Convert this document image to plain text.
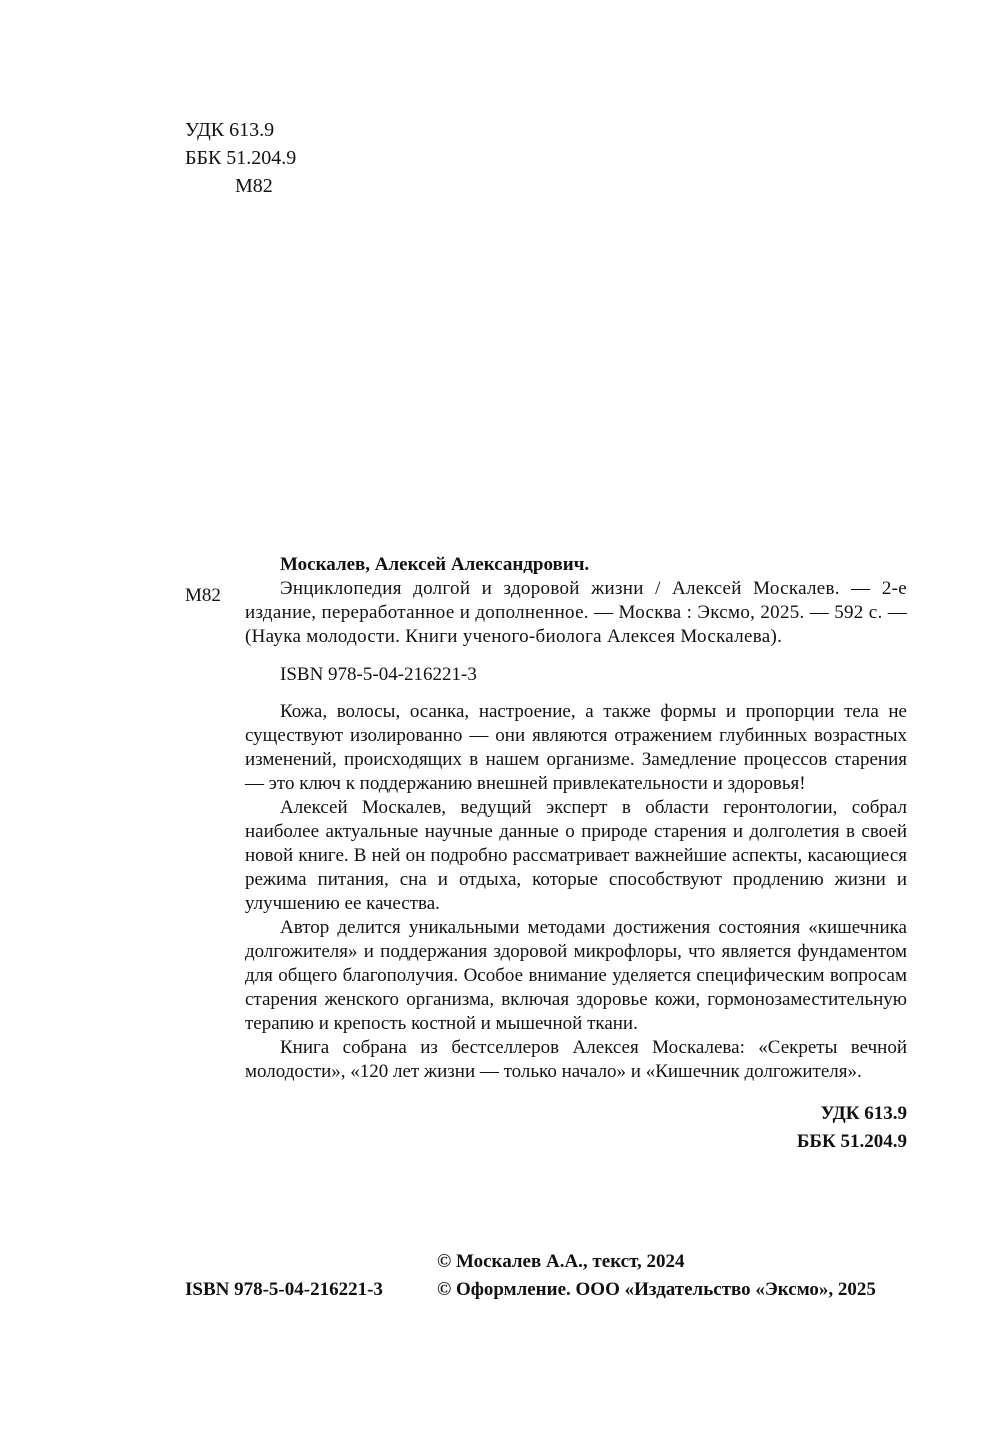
УДК 613.9
ББК 51.204.9
М82
М82

Москалев, Алексей Александрович.

Энциклопедия долгой и здоровой жизни / Алексей Москалев. — 2-е издание, переработанное и дополненное. — Москва : Эксмо, 2025. — 592 с. — (Наука молодости. Книги ученого-биолога Алексея Москалева).

ISBN 978-5-04-216221-3

Кожа, волосы, осанка, настроение, а также формы и пропорции тела не существуют изолированно — они являются отражением глубинных возрастных изменений, происходящих в нашем организме. Замедление процессов старения — это ключ к поддержанию внешней привлекательности и здоровья!

Алексей Москалев, ведущий эксперт в области геронтологии, собрал наиболее актуальные научные данные о природе старения и долголетия в своей новой книге. В ней он подробно рассматривает важнейшие аспекты, касающиеся режима питания, сна и отдыха, которые способствуют продлению жизни и улучшению ее качества.

Автор делится уникальными методами достижения состояния «кишечника долгожителя» и поддержания здоровой микрофлоры, что является фундаментом для общего благополучия. Особое внимание уделяется специфическим вопросам старения женского организма, включая здоровье кожи, гормонозаместительную терапию и крепость костной и мышечной ткани.

Книга собрана из бестселлеров Алексея Москалева: «Секреты вечной молодости», «120 лет жизни — только начало» и «Кишечник долгожителя».

УДК 613.9
ББК 51.204.9
ISBN 978-5-04-216221-3
© Москалев А.А., текст, 2024
© Оформление. ООО «Издательство «Эксмо», 2025
